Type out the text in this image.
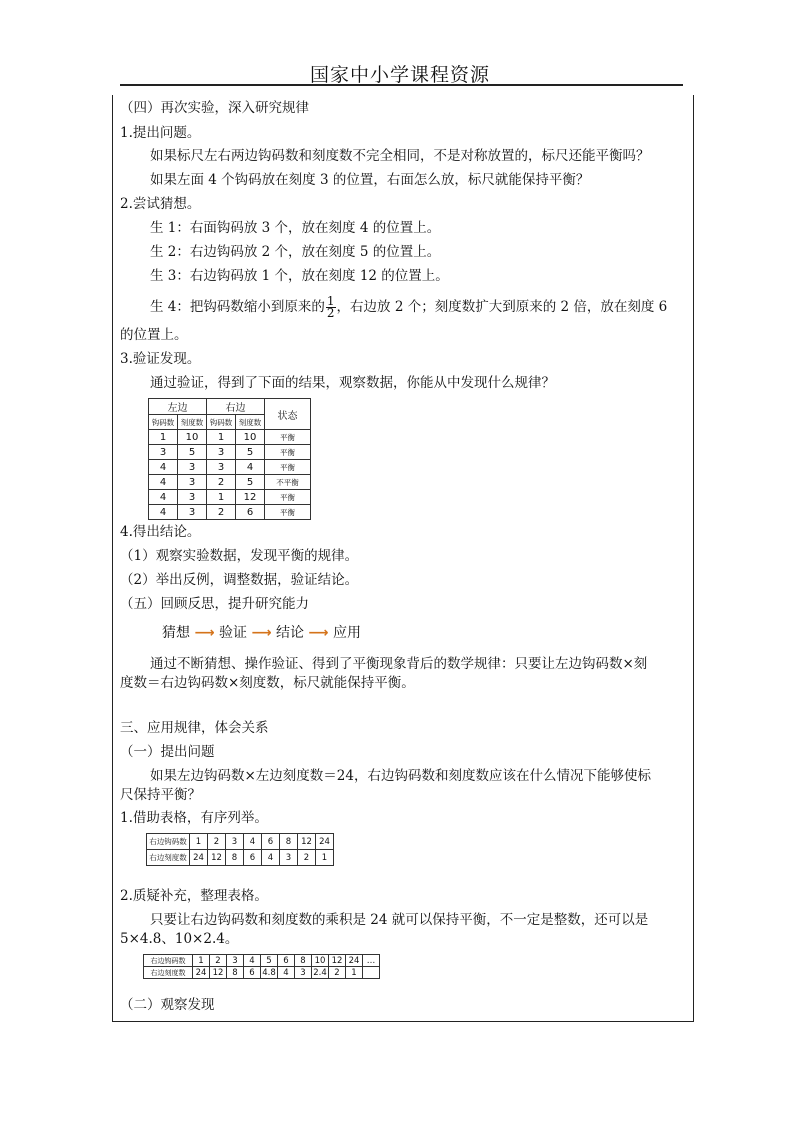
国家中小学课程资源
（四）再次实验，深入研究规律
1.提出问题。
如果标尺左右两边钩码数和刻度数不完全相同，不是对称放置的，标尺还能平衡吗？
如果左面 4 个钩码放在刻度 3 的位置，右面怎么放，标尺就能保持平衡？
2.尝试猜想。
生 1：右面钩码放 3 个，放在刻度 4 的位置上。
生 2：右边钩码放 2 个，放在刻度 5 的位置上。
生 3：右边钩码放 1 个，放在刻度 12 的位置上。
生 4：把钩码数缩小到原来的 $\frac{1}{2}$ ，右边放 2 个；刻度数扩大到原来的 2 倍，放在刻度 6
的位置上。
3.验证发现。
通过验证，得到了下面的结果，观察数据，你能从中发现什么规律？
左边		右边		状态
钩码数	刻度数	钩码数	刻度数	
1	10	1	10	平衡
3	5	3	5	平衡
4	3	3	4	平衡
4	3	2	5	不平衡
4	3	1	12	平衡
4	3	2	6	平衡
4.得出结论。
（1）观察实验数据，发现平衡的规律。
（2）举出反例，调整数据，验证结论。
（五）回顾反思，提升研究能力
猜想 ⟶ 验证 ⟶ 结论 ⟶ 应用
通过不断猜想、操作验证、得到了平衡现象背后的数学规律：只要让左边钩码数×刻
度数＝右边钩码数×刻度数，标尺就能保持平衡。
三、应用规律，体会关系
（一）提出问题
如果左边钩码数×左边刻度数＝24，右边钩码数和刻度数应该在什么情况下能够使标
尺保持平衡？
1.借助表格，有序列举。
右边钩码数	1	2	3	4	6	8	12	24
右边刻度数	24	12	8	6	4	3	2	1
2.质疑补充，整理表格。
只要让右边钩码数和刻度数的乘积是 24 就可以保持平衡，不一定是整数，还可以是
5×4.8、10×2.4。
右边钩码数	1	2	3	4	5	6	8	10	12	24	…
右边刻度数	24	12	8	6	4.8	4	3	2.4	2	1	
（二）观察发现
